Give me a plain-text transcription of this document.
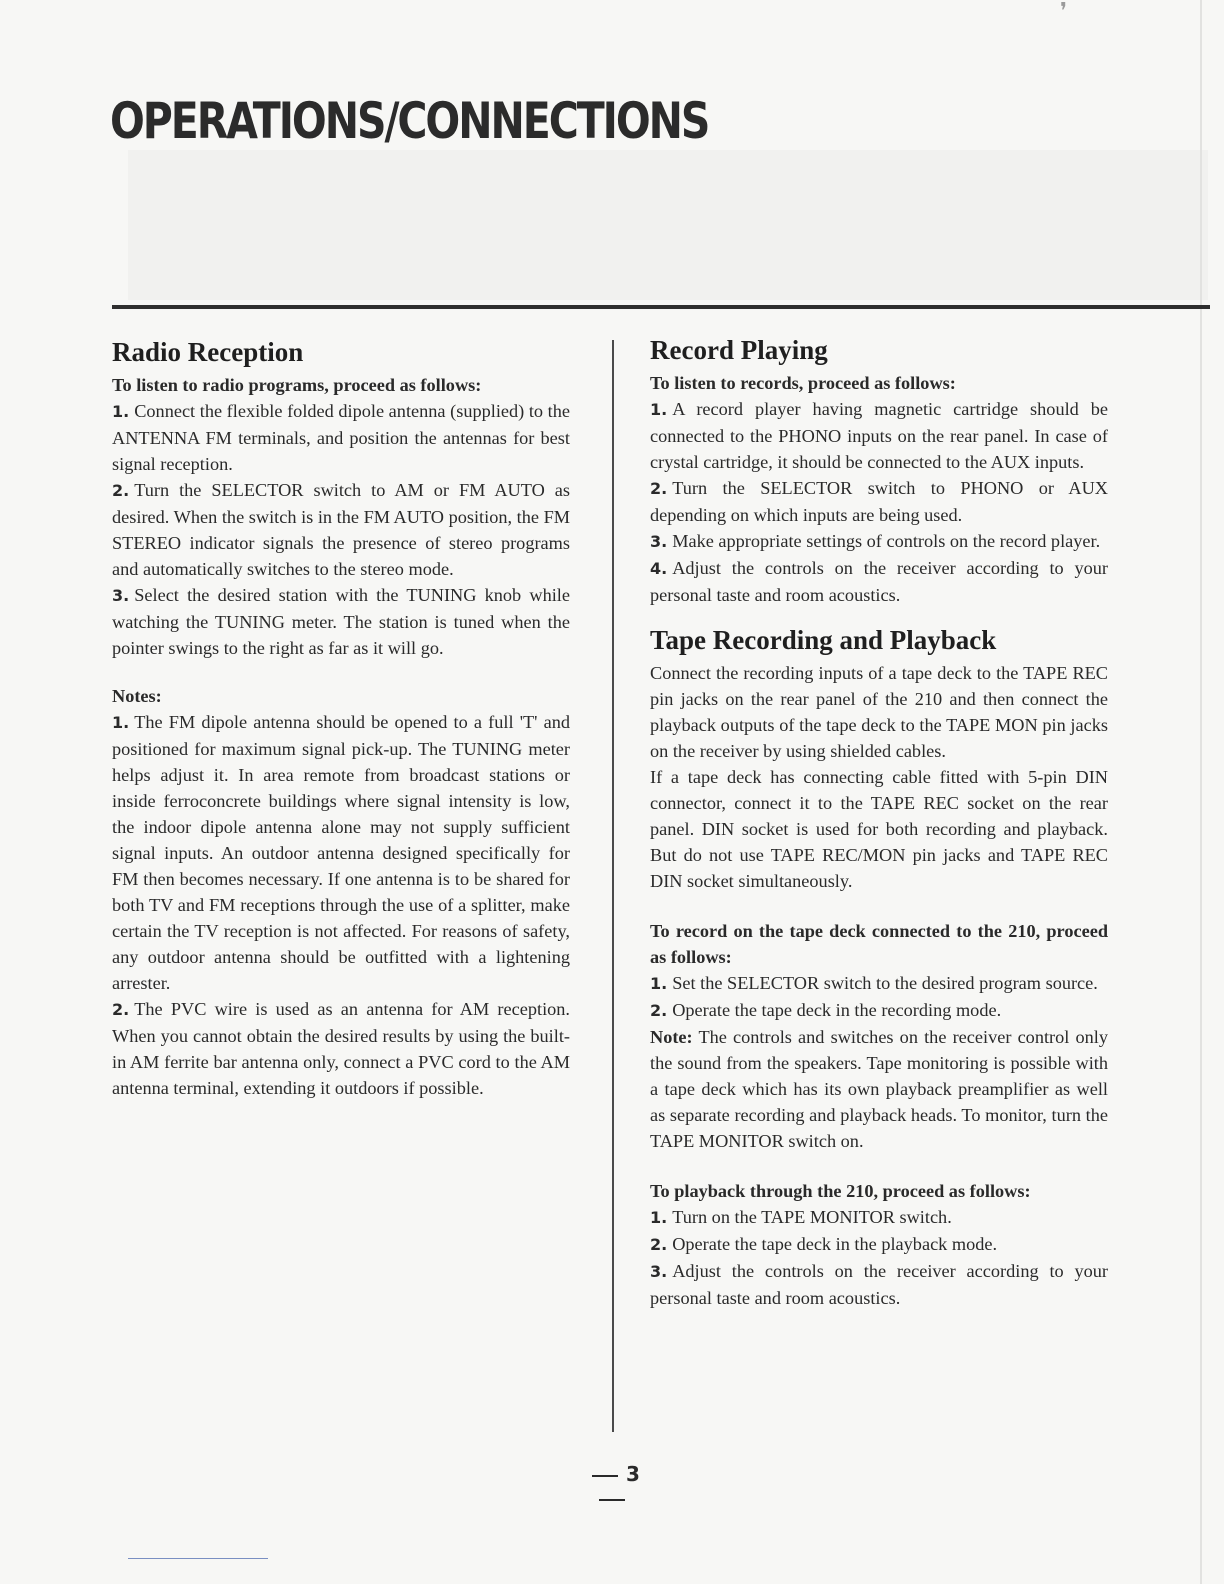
❜
OPERATIONS/CONNECTIONS
Radio Reception

To listen to radio programs, proceed as follows:

1. Connect the flexible folded dipole antenna (supplied) to the ANTENNA FM terminals, and position the antennas for best signal reception.

2. Turn the SELECTOR switch to AM or FM AUTO as desired. When the switch is in the FM AUTO position, the FM STEREO indicator signals the presence of stereo programs and automatically switches to the stereo mode.

3. Select the desired station with the TUNING knob while watching the TUNING meter. The station is tuned when the pointer swings to the right as far as it will go.

Notes:

1. The FM dipole antenna should be opened to a full 'T' and positioned for maximum signal pick-up. The TUNING meter helps adjust it. In area remote from broadcast stations or inside ferroconcrete buildings where signal intensity is low, the indoor dipole antenna alone may not supply sufficient signal inputs. An outdoor antenna designed specifically for FM then becomes necessary. If one antenna is to be shared for both TV and FM receptions through the use of a splitter, make certain the TV reception is not affected. For reasons of safety, any outdoor antenna should be outfitted with a lightening arrester.

2. The PVC wire is used as an antenna for AM reception. When you cannot obtain the desired results by using the built-in AM ferrite bar antenna only, connect a PVC cord to the AM antenna terminal, extending it outdoors if possible.

Record Playing

To listen to records, proceed as follows:

1. A record player having magnetic cartridge should be connected to the PHONO inputs on the rear panel. In case of crystal cartridge, it should be connected to the AUX inputs.

2. Turn the SELECTOR switch to PHONO or AUX depending on which inputs are being used.

3. Make appropriate settings of controls on the record player.

4. Adjust the controls on the receiver according to your personal taste and room acoustics.

Tape Recording and Playback

Connect the recording inputs of a tape deck to the TAPE REC pin jacks on the rear panel of the 210 and then connect the playback outputs of the tape deck to the TAPE MON pin jacks on the receiver by using shielded cables.

If a tape deck has connecting cable fitted with 5-pin DIN connector, connect it to the TAPE REC socket on the rear panel. DIN socket is used for both recording and playback. But do not use TAPE REC/MON pin jacks and TAPE REC DIN socket simultaneously.

To record on the tape deck connected to the 210, proceed as follows:

1. Set the SELECTOR switch to the desired program source.

2. Operate the tape deck in the recording mode.

Note: The controls and switches on the receiver control only the sound from the speakers. Tape monitoring is possible with a tape deck which has its own playback preamplifier as well as separate recording and playback heads. To monitor, turn the TAPE MONITOR switch on.

To playback through the 210, proceed as follows:

1. Turn on the TAPE MONITOR switch.

2. Operate the tape deck in the playback mode.

3. Adjust the controls on the receiver according to your personal taste and room acoustics.

3
